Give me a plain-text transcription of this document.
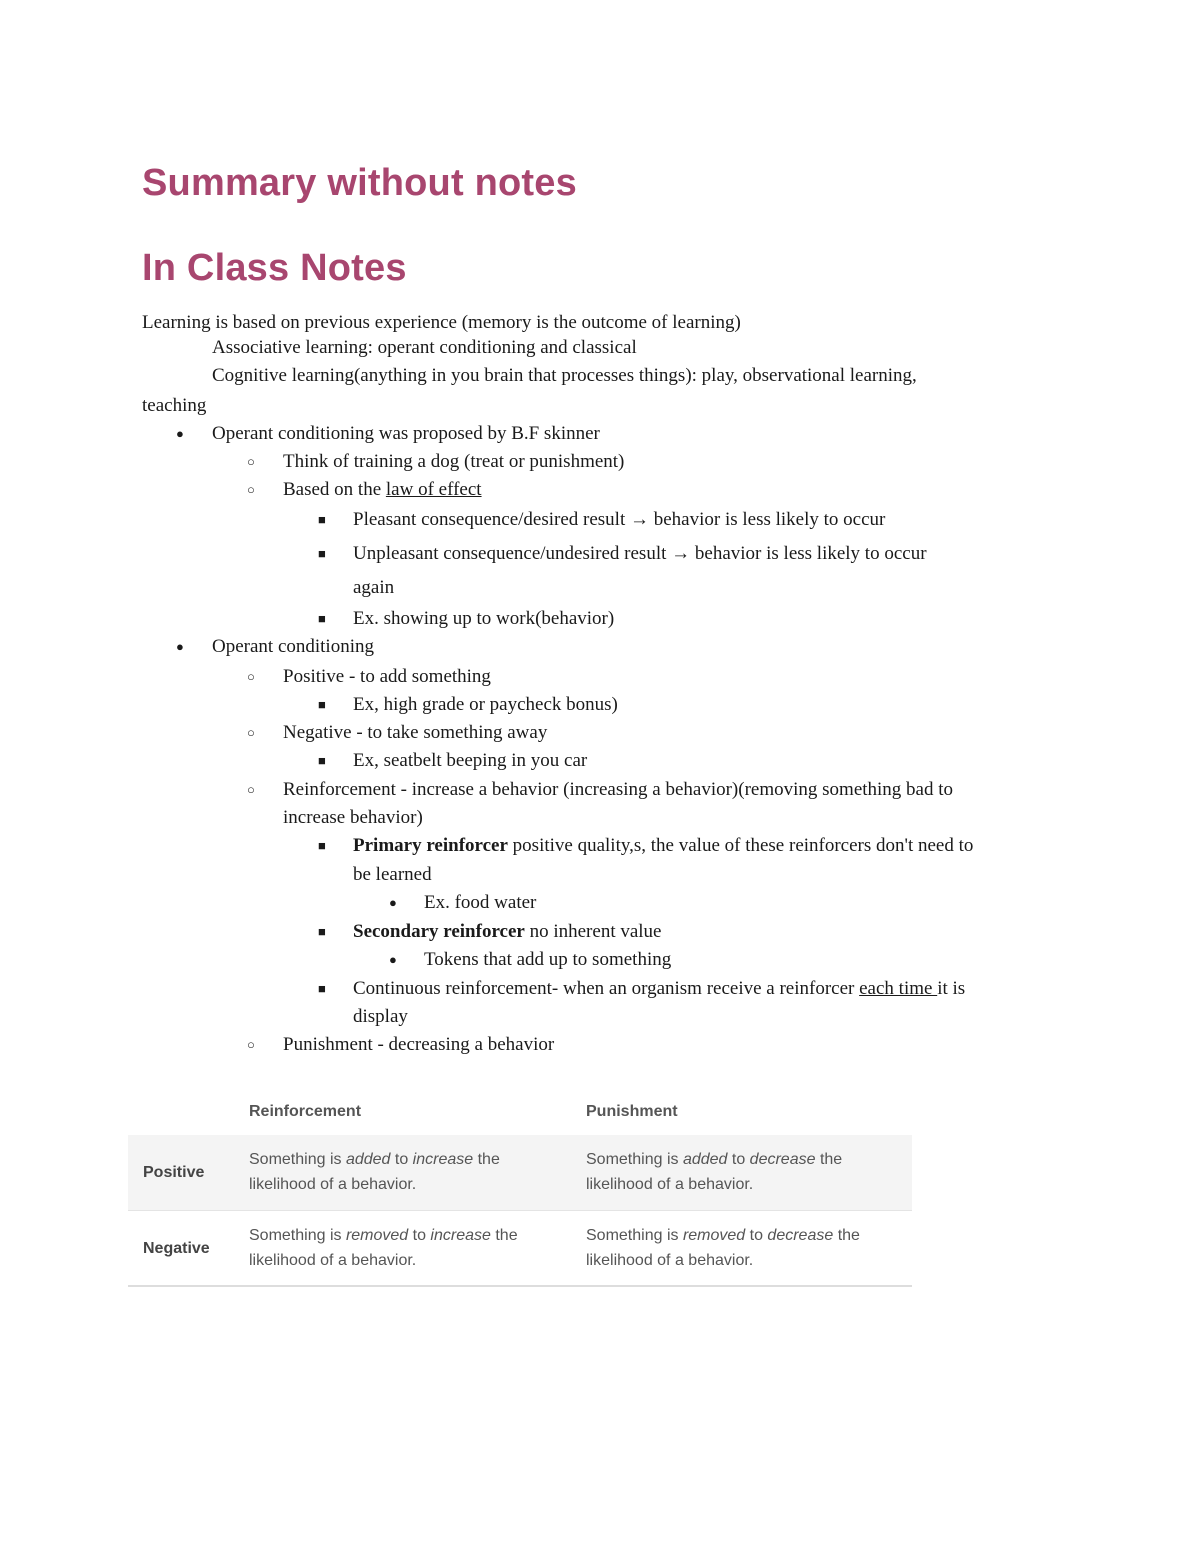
Summary without notes
In Class Notes
Learning is based on previous experience (memory is the outcome of learning)
Associative learning: operant conditioning and classical
Cognitive learning(anything in you brain that processes things): play, observational learning,
teaching
● Operant conditioning was proposed by B.F skinner
○ Think of training a dog (treat or punishment)
○ Based on the law of effect
■ Pleasant consequence/desired result → behavior is less likely to occur
■ Unpleasant consequence/undesired result → behavior is less likely to occur
again
■ Ex. showing up to work(behavior)
● Operant conditioning
○ Positive - to add something
■ Ex, high grade or paycheck bonus)
○ Negative - to take something away
■ Ex, seatbelt beeping in you car
○ Reinforcement - increase a behavior (increasing a behavior)(removing something bad to
increase behavior)
■ Primary reinforcer positive quality,s, the value of these reinforcers don't need to
be learned
● Ex. food water
■ Secondary reinforcer no inherent value
● Tokens that add up to something
■ Continuous reinforcement- when an organism receive a reinforcer each time it is
display
○ Punishment - decreasing a behavior
Reinforcement	Punishment
Positive
Something is added to increase the likelihood of a behavior.
Something is added to decrease the likelihood of a behavior.
Negative
Something is removed to increase the likelihood of a behavior.
Something is removed to decrease the likelihood of a behavior.
